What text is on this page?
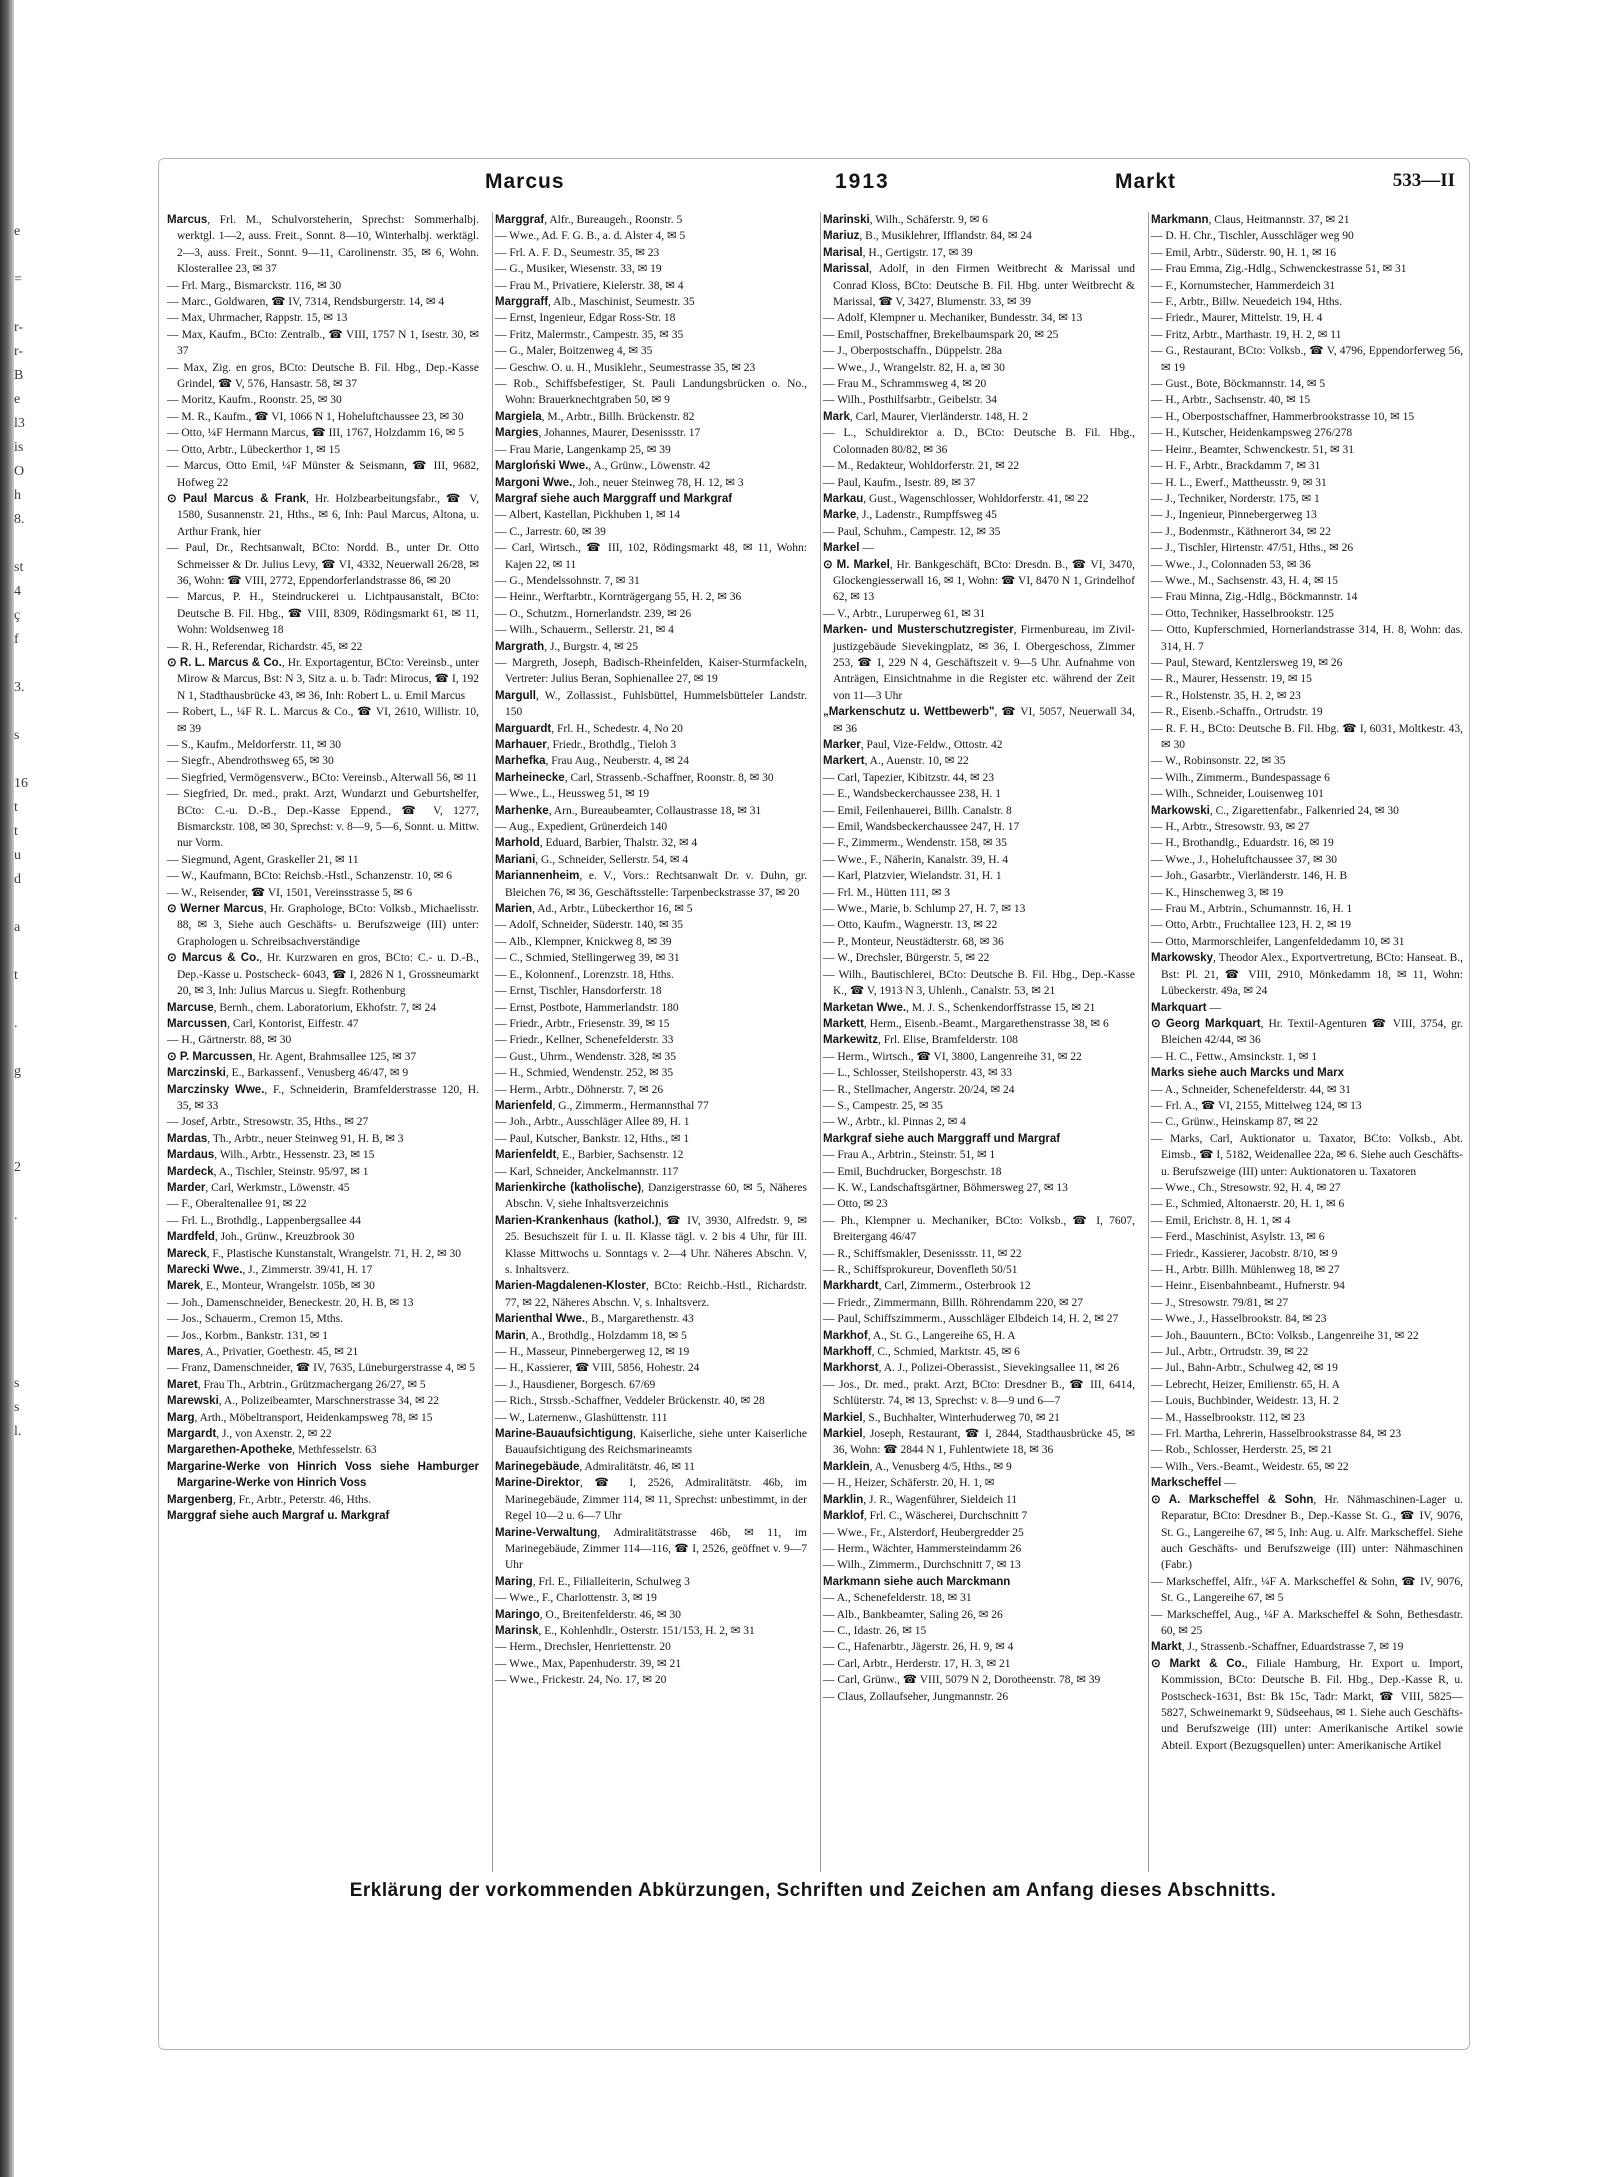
e
=
r-
r-
B
e
l3
is
O
h
8.
st
4
ç
f
3.
s
16
t
t
u
d
a
t
.
g
2
.
s
s
l.
Marcus	1913	Markt	533—II

Marcus, Frl. M., Schulvorsteherin, Sprechst: Sommerhalbj. werktgl. 1—2, auss. Freit., Sonnt. 8—10, Winterhalbj. werktägl. 2—3, auss. Freit., Sonnt. 9—11, Carolinenstr. 35, ✉ 6, Wohn. Klosterallee 23, ✉ 37

— Frl. Marg., Bismarckstr. 116, ✉ 30

— Marc., Goldwaren, ☎ IV, 7314, Rendsburgerstr. 14, ✉ 4

— Max, Uhrmacher, Rappstr. 15, ✉ 13

— Max, Kaufm., BCto: Zentralb., ☎ VIII, 1757 N 1, Isestr. 30, ✉ 37

— Max, Zig. en gros, BCto: Deutsche B. Fil. Hbg., Dep.-Kasse Grindel, ☎ V, 576, Hansastr. 58, ✉ 37

— Moritz, Kaufm., Roonstr. 25, ✉ 30

— M. R., Kaufm., ☎ VI, 1066 N 1, Hoheluftchaussee 23, ✉ 30

— Otto, ¼F Hermann Marcus, ☎ III, 1767, Holzdamm 16, ✉ 5

— Otto, Arbtr., Lübeckerthor 1, ✉ 15

— Marcus, Otto Emil, ¼F Münster & Seismann, ☎ III, 9682, Hofweg 22

⊙ Paul Marcus & Frank, Hr. Holzbearbeitungsfabr., ☎ V, 1580, Susannenstr. 21, Hths., ✉ 6, Inh: Paul Marcus, Altona, u. Arthur Frank, hier

— Paul, Dr., Rechtsanwalt, BCto: Nordd. B., unter Dr. Otto Schmeisser & Dr. Julius Levy, ☎ VI, 4332, Neuerwall 26/28, ✉ 36, Wohn: ☎ VIII, 2772, Eppendorferlandstrasse 86, ✉ 20

— Marcus, P. H., Steindruckerei u. Lichtpausanstalt, BCto: Deutsche B. Fil. Hbg., ☎ VIII, 8309, Rödingsmarkt 61, ✉ 11, Wohn: Woldsenweg 18

— R. H., Referendar, Richardstr. 45, ✉ 22

⊙ R. L. Marcus & Co., Hr. Exportagentur, BCto: Vereinsb., unter Mirow & Marcus, Bst: N 3, Sitz a. u. b. Tadr: Mirocus, ☎ I, 192 N 1, Stadthausbrücke 43, ✉ 36, Inh: Robert L. u. Emil Marcus

— Robert, L., ¼F R. L. Marcus & Co., ☎ VI, 2610, Willistr. 10, ✉ 39

— S., Kaufm., Meldorferstr. 11, ✉ 30

— Siegfr., Abendrothsweg 65, ✉ 30

— Siegfried, Vermögensverw., BCto: Vereinsb., Alterwall 56, ✉ 11

— Siegfried, Dr. med., prakt. Arzt, Wundarzt und Geburtshelfer, BCto: C.-u. D.-B., Dep.-Kasse Eppend., ☎ V, 1277, Bismarckstr. 108, ✉ 30, Sprechst: v. 8—9, 5—6, Sonnt. u. Mittw. nur Vorm.

— Siegmund, Agent, Graskeller 21, ✉ 11

— W., Kaufmann, BCto: Reichsb.-Hstl., Schanzenstr. 10, ✉ 6

— W., Reisender, ☎ VI, 1501, Vereinsstrasse 5, ✉ 6

⊙ Werner Marcus, Hr. Graphologe, BCto: Volksb., Michaelisstr. 88, ✉ 3, Siehe auch Geschäfts- u. Berufszweige (III) unter: Graphologen u. Schreibsachverständige

⊙ Marcus & Co., Hr. Kurzwaren en gros, BCto: C.- u. D.-B., Dep.-Kasse u. Postscheck- 6043, ☎ I, 2826 N 1, Grossneumarkt 20, ✉ 3, Inh: Julius Marcus u. Siegfr. Rothenburg

Marcuse, Bernh., chem. Laboratorium, Ekhofstr. 7, ✉ 24

Marcussen, Carl, Kontorist, Eiffestr. 47

— H., Gärtnerstr. 88, ✉ 30

⊙ P. Marcussen, Hr. Agent, Brahmsallee 125, ✉ 37

Marczinski, E., Barkassenf., Venusberg 46/47, ✉ 9

Marczinsky Wwe., F., Schneiderin, Bramfelderstrasse 120, H. 35, ✉ 33

— Josef, Arbtr., Stresowstr. 35, Hths., ✉ 27

Mardas, Th., Arbtr., neuer Steinweg 91, H. B, ✉ 3

Mardaus, Wilh., Arbtr., Hessenstr. 23, ✉ 15

Mardeck, A., Tischler, Steinstr. 95/97, ✉ 1

Marder, Carl, Werkmstr., Löwenstr. 45

— F., Oberaltenallee 91, ✉ 22

— Frl. L., Brothdlg., Lappenbergsallee 44

Mardfeld, Joh., Grünw., Kreuzbrook 30

Mareck, F., Plastische Kunstanstalt, Wrangelstr. 71, H. 2, ✉ 30

Marecki Wwe., J., Zimmerstr. 39/41, H. 17

Marek, E., Monteur, Wrangelstr. 105b, ✉ 30

— Joh., Damenschneider, Beneckestr. 20, H. B, ✉ 13

— Jos., Schauerm., Cremon 15, Mths.

— Jos., Korbm., Bankstr. 131, ✉ 1

Mares, A., Privatier, Goethestr. 45, ✉ 21

— Franz, Damenschneider, ☎ IV, 7635, Lüneburgerstrasse 4, ✉ 5

Maret, Frau Th., Arbtrin., Grützmachergang 26/27, ✉ 5

Marewski, A., Polizeibeamter, Marschnerstrasse 34, ✉ 22

Marg, Arth., Möbeltransport, Heidenkampsweg 78, ✉ 15

Margardt, J., von Axenstr. 2, ✉ 22

Margarethen-Apotheke, Methfesselstr. 63

Margarine-Werke von Hinrich Voss siehe Hamburger Margarine-Werke von Hinrich Voss

Margenberg, Fr., Arbtr., Peterstr. 46, Hths.

Marggraf siehe auch Margraf u. Markgraf

Marggraf, Alfr., Bureaugeh., Roonstr. 5

— Wwe., Ad. F. G. B., a. d. Alster 4, ✉ 5

— Frl. A. F. D., Seumestr. 35, ✉ 23

— G., Musiker, Wiesenstr. 33, ✉ 19

— Frau M., Privatiere, Kielerstr. 38, ✉ 4

Marggraff, Alb., Maschinist, Seumestr. 35

— Ernst, Ingenieur, Edgar Ross-Str. 18

— Fritz, Malermstr., Campestr. 35, ✉ 35

— G., Maler, Boitzenweg 4, ✉ 35

— Geschw. O. u. H., Musiklehr., Seumestrasse 35, ✉ 23

— Rob., Schiffsbefestiger, St. Pauli Landungsbrücken o. No., Wohn: Brauerknechtgraben 50, ✉ 9

Margiela, M., Arbtr., Billh. Brückenstr. 82

Margies, Johannes, Maurer, Desenissstr. 17

— Frau Marie, Langenkamp 25, ✉ 39

Margloński Wwe., A., Grünw., Löwenstr. 42

Margoni Wwe., Joh., neuer Steinweg 78, H. 12, ✉ 3

Margraf siehe auch Marggraff und Markgraf

— Albert, Kastellan, Pickhuben 1, ✉ 14

— C., Jarrestr. 60, ✉ 39

— Carl, Wirtsch., ☎ III, 102, Rödingsmarkt 48, ✉ 11, Wohn: Kajen 22, ✉ 11

— G., Mendelssohnstr. 7, ✉ 31

— Heinr., Werftarbtr., Kornträgergang 55, H. 2, ✉ 36

— O., Schutzm., Hornerlandstr. 239, ✉ 26

— Wilh., Schauerm., Sellerstr. 21, ✉ 4

Margrath, J., Burgstr. 4, ✉ 25

— Margreth, Joseph, Badisch-Rheinfelden, Kaiser-Sturmfackeln, Vertreter: Julius Beran, Sophienallee 27, ✉ 19

Margull, W., Zollassist., Fuhlsbüttel, Hummelsbütteler Landstr. 150

Marguardt, Frl. H., Schedestr. 4, No 20

Marhauer, Friedr., Brothdlg., Tieloh 3

Marhefka, Frau Aug., Neuberstr. 4, ✉ 24

Marheinecke, Carl, Strassenb.-Schaffner, Roonstr. 8, ✉ 30

— Wwe., L., Heussweg 51, ✉ 19

Marhenke, Arn., Bureaubeamter, Collaustrasse 18, ✉ 31

— Aug., Expedient, Grünerdeich 140

Marhold, Eduard, Barbier, Thalstr. 32, ✉ 4

Mariani, G., Schneider, Sellerstr. 54, ✉ 4

Mariannenheim, e. V., Vors.: Rechtsanwalt Dr. v. Duhn, gr. Bleichen 76, ✉ 36, Geschäftsstelle: Tarpenbeckstrasse 37, ✉ 20

Marien, Ad., Arbtr., Lübeckerthor 16, ✉ 5

— Adolf, Schneider, Süderstr. 140, ✉ 35

— Alb., Klempner, Knickweg 8, ✉ 39

— C., Schmied, Stellingerweg 39, ✉ 31

— E., Kolonnenf., Lorenzstr. 18, Hths.

— Ernst, Tischler, Hansdorferstr. 18

— Ernst, Postbote, Hammerlandstr. 180

— Friedr., Arbtr., Friesenstr. 39, ✉ 15

— Friedr., Kellner, Schenefelderstr. 33

— Gust., Uhrm., Wendenstr. 328, ✉ 35

— H., Schmied, Wendenstr. 252, ✉ 35

— Herm., Arbtr., Döhnerstr. 7, ✉ 26

Marienfeld, G., Zimmerm., Hermannsthal 77

— Joh., Arbtr., Ausschläger Allee 89, H. 1

— Paul, Kutscher, Bankstr. 12, Hths., ✉ 1

Marienfeldt, E., Barbier, Sachsenstr. 12

— Karl, Schneider, Anckelmannstr. 117

Marienkirche (katholische), Danzigerstrasse 60, ✉ 5, Näheres Abschn. V, siehe Inhaltsverzeichnis

Marien-Krankenhaus (kathol.), ☎ IV, 3930, Alfredstr. 9, ✉ 25. Besuchszeit für I. u. II. Klasse tägl. v. 2 bis 4 Uhr, für III. Klasse Mittwochs u. Sonntags v. 2—4 Uhr. Näheres Abschn. V, s. Inhaltsverz.

Marien-Magdalenen-Kloster, BCto: Reichb.-Hstl., Richardstr. 77, ✉ 22, Näheres Abschn. V, s. Inhaltsverz.

Marienthal Wwe., B., Margarethenstr. 43

Marin, A., Brothdlg., Holzdamm 18, ✉ 5

— H., Masseur, Pinnebergerweg 12, ✉ 19

— H., Kassierer, ☎ VIII, 5856, Hohestr. 24

— J., Hausdiener, Borgesch. 67/69

— Rich., Strssb.-Schaffner, Veddeler Brückenstr. 40, ✉ 28

— W., Laternenw., Glashüttenstr. 111

Marine-Bauaufsichtigung, Kaiserliche, siehe unter Kaiserliche Bauaufsichtigung des Reichsmarineamts

Marinegebäude, Admiralitätstr. 46, ✉ 11

Marine-Direktor, ☎ I, 2526, Admiralitätstr. 46b, im Marinegebäude, Zimmer 114, ✉ 11, Sprechst: unbestimmt, in der Regel 10—2 u. 6—7 Uhr

Marine-Verwaltung, Admiralitätstrasse 46b, ✉ 11, im Marinegebäude, Zimmer 114—116, ☎ I, 2526, geöffnet v. 9—7 Uhr

Maring, Frl. E., Filialleiterin, Schulweg 3

— Wwe., F., Charlottenstr. 3, ✉ 19

Maringo, O., Breitenfelderstr. 46, ✉ 30

Marinsk, E., Kohlenhdlr., Osterstr. 151/153, H. 2, ✉ 31

— Herm., Drechsler, Henriettenstr. 20

— Wwe., Max, Papenhuderstr. 39, ✉ 21

— Wwe., Frickestr. 24, No. 17, ✉ 20

Marinski, Wilh., Schäferstr. 9, ✉ 6

Mariuz, B., Musiklehrer, Ifflandstr. 84, ✉ 24

Marisal, H., Gertigstr. 17, ✉ 39

Marissal, Adolf, in den Firmen Weitbrecht & Marissal und Conrad Kloss, BCto: Deutsche B. Fil. Hbg. unter Weitbrecht & Marissal, ☎ V, 3427, Blumenstr. 33, ✉ 39

— Adolf, Klempner u. Mechaniker, Bundesstr. 34, ✉ 13

— Emil, Postschaffner, Brekelbaumspark 20, ✉ 25

— J., Oberpostschaffn., Düppelstr. 28a

— Wwe., J., Wrangelstr. 82, H. a, ✉ 30

— Frau M., Schrammsweg 4, ✉ 20

— Wilh., Posthilfsarbtr., Geibelstr. 34

Mark, Carl, Maurer, Vierländerstr. 148, H. 2

— L., Schuldirektor a. D., BCto: Deutsche B. Fil. Hbg., Colonnaden 80/82, ✉ 36

— M., Redakteur, Wohldorferstr. 21, ✉ 22

— Paul, Kaufm., Isestr. 89, ✉ 37

Markau, Gust., Wagenschlosser, Wohldorferstr. 41, ✉ 22

Marke, J., Ladenstr., Rumpffsweg 45

— Paul, Schuhm., Campestr. 12, ✉ 35

Markel —

⊙ M. Markel, Hr. Bankgeschäft, BCto: Dresdn. B., ☎ VI, 3470, Glockengiesserwall 16, ✉ 1, Wohn: ☎ VI, 8470 N 1, Grindelhof 62, ✉ 13

— V., Arbtr., Luruperweg 61, ✉ 31

Marken- und Musterschutzregister, Firmenbureau, im Zivil-justizgebäude Sievekingplatz, ✉ 36, I. Obergeschoss, Zimmer 253, ☎ I, 229 N 4, Geschäftszeit v. 9—5 Uhr. Aufnahme von Anträgen, Einsichtnahme in die Register etc. während der Zeit von 11—3 Uhr

„Markenschutz u. Wettbewerb", ☎ VI, 5057, Neuerwall 34, ✉ 36

Marker, Paul, Vize-Feldw., Ottostr. 42

Markert, A., Auenstr. 10, ✉ 22

— Carl, Tapezier, Kibitzstr. 44, ✉ 23

— E., Wandsbeckerchaussee 238, H. 1

— Emil, Feilenhauerei, Billh. Canalstr. 8

— Emil, Wandsbeckerchaussee 247, H. 17

— F., Zimmerm., Wendenstr. 158, ✉ 35

— Wwe., F., Näherin, Kanalstr. 39, H. 4

— Karl, Platzvier, Wielandstr. 31, H. 1

— Frl. M., Hütten 111, ✉ 3

— Wwe., Marie, b. Schlump 27, H. 7, ✉ 13

— Otto, Kaufm., Wagnerstr. 13, ✉ 22

— P., Monteur, Neustädterstr. 68, ✉ 36

— W., Drechsler, Bürgerstr. 5, ✉ 22

— Wilh., Bautischlerei, BCto: Deutsche B. Fil. Hbg., Dep.-Kasse K., ☎ V, 1913 N 3, Uhlenh., Canalstr. 53, ✉ 21

Marketan Wwe., M. J. S., Schenkendorffstrasse 15, ✉ 21

Markett, Herm., Eisenb.-Beamt., Margarethenstrasse 38, ✉ 6

Markewitz, Frl. Elise, Bramfelderstr. 108

— Herm., Wirtsch., ☎ VI, 3800, Langenreihe 31, ✉ 22

— L., Schlosser, Steilshoperstr. 43, ✉ 33

— R., Stellmacher, Angerstr. 20/24, ✉ 24

— S., Campestr. 25, ✉ 35

— W., Arbtr., kl. Pinnas 2, ✉ 4

Markgraf siehe auch Marggraff und Margraf

— Frau A., Arbtrin., Steinstr. 51, ✉ 1

— Emil, Buchdrucker, Borgeschstr. 18

— K. W., Landschaftsgärtner, Böhmersweg 27, ✉ 13

— Otto, ✉ 23

— Ph., Klempner u. Mechaniker, BCto: Volksb., ☎ I, 7607, Breitergang 46/47

— R., Schiffsmakler, Desenissstr. 11, ✉ 22

— R., Schiffsprokureur, Dovenfleth 50/51

Markhardt, Carl, Zimmerm., Osterbrook 12

— Friedr., Zimmermann, Billh. Röhrendamm 220, ✉ 27

— Paul, Schiffszimmerm., Ausschläger Elbdeich 14, H. 2, ✉ 27

Markhof, A., St. G., Langereihe 65, H. A

Markhoff, C., Schmied, Marktstr. 45, ✉ 6

Markhorst, A. J., Polizei-Oberassist., Sievekingsallee 11, ✉ 26

— Jos., Dr. med., prakt. Arzt, BCto: Dresdner B., ☎ III, 6414, Schlüterstr. 74, ✉ 13, Sprechst: v. 8—9 und 6—7

Markiel, S., Buchhalter, Winterhuderweg 70, ✉ 21

Markiel, Joseph, Restaurant, ☎ I, 2844, Stadthausbrücke 45, ✉ 36, Wohn: ☎ 2844 N 1, Fuhlentwiete 18, ✉ 36

Marklein, A., Venusberg 4/5, Hths., ✉ 9

— H., Heizer, Schäferstr. 20, H. 1, ✉

Marklin, J. R., Wagenführer, Sieldeich 11

Marklof, Frl. C., Wäscherei, Durchschnitt 7

— Wwe., Fr., Alsterdorf, Heubergredder 25

— Herm., Wächter, Hammersteindamm 26

— Wilh., Zimmerm., Durchschnitt 7, ✉ 13

Markmann siehe auch Marckmann

— A., Schenefelderstr. 18, ✉ 31

— Alb., Bankbeamter, Saling 26, ✉ 26

— C., Idastr. 26, ✉ 15

— C., Hafenarbtr., Jägerstr. 26, H. 9, ✉ 4

— Carl, Arbtr., Herderstr. 17, H. 3, ✉ 21

— Carl, Grünw., ☎ VIII, 5079 N 2, Dorotheenstr. 78, ✉ 39

— Claus, Zollaufseher, Jungmannstr. 26

Markmann, Claus, Heitmannstr. 37, ✉ 21

— D. H. Chr., Tischler, Ausschläger weg 90

— Emil, Arbtr., Süderstr. 90, H. 1, ✉ 16

— Frau Emma, Zig.-Hdlg., Schwenckestrasse 51, ✉ 31

— F., Kornumstecher, Hammerdeich 31

— F., Arbtr., Billw. Neuedeich 194, Hths.

— Friedr., Maurer, Mittelstr. 19, H. 4

— Fritz, Arbtr., Marthastr. 19, H. 2, ✉ 11

— G., Restaurant, BCto: Volksb., ☎ V, 4796, Eppendorferweg 56, ✉ 19

— Gust., Bote, Böckmannstr. 14, ✉ 5

— H., Arbtr., Sachsenstr. 40, ✉ 15

— H., Oberpostschaffner, Hammerbrookstrasse 10, ✉ 15

— H., Kutscher, Heidenkampsweg 276/278

— Heinr., Beamter, Schwenckestr. 51, ✉ 31

— H. F., Arbtr., Brackdamm 7, ✉ 31

— H. L., Ewerf., Mattheusstr. 9, ✉ 31

— J., Techniker, Norderstr. 175, ✉ 1

— J., Ingenieur, Pinnebergerweg 13

— J., Bodenmstr., Käthnerort 34, ✉ 22

— J., Tischler, Hirtenstr. 47/51, Hths., ✉ 26

— Wwe., J., Colonnaden 53, ✉ 36

— Wwe., M., Sachsenstr. 43, H. 4, ✉ 15

— Frau Minna, Zig.-Hdlg., Böckmannstr. 14

— Otto, Techniker, Hasselbrookstr. 125

— Otto, Kupferschmied, Hornerlandstrasse 314, H. 8, Wohn: das. 314, H. 7

— Paul, Steward, Kentzlersweg 19, ✉ 26

— R., Maurer, Hessenstr. 19, ✉ 15

— R., Holstenstr. 35, H. 2, ✉ 23

— R., Eisenb.-Schaffn., Ortrudstr. 19

— R. F. H., BCto: Deutsche B. Fil. Hbg. ☎ I, 6031, Moltkestr. 43, ✉ 30

— W., Robinsonstr. 22, ✉ 35

— Wilh., Zimmerm., Bundespassage 6

— Wilh., Schneider, Louisenweg 101

Markowski, C., Zigarettenfabr., Falkenried 24, ✉ 30

— H., Arbtr., Stresowstr. 93, ✉ 27

— H., Brothandlg., Eduardstr. 16, ✉ 19

— Wwe., J., Hoheluftchaussee 37, ✉ 30

— Joh., Gasarbtr., Vierländerstr. 146, H. B

— K., Hinschenweg 3, ✉ 19

— Frau M., Arbtrin., Schumannstr. 16, H. 1

— Otto, Arbtr., Fruchtallee 123, H. 2, ✉ 19

— Otto, Marmorschleifer, Langenfeldedamm 10, ✉ 31

Markowsky, Theodor Alex., Exportvertretung, BCto: Hanseat. B., Bst: Pl. 21, ☎ VIII, 2910, Mönkedamm 18, ✉ 11, Wohn: Lübeckerstr. 49a, ✉ 24

Markquart —

⊙ Georg Markquart, Hr. Textil-Agenturen ☎ VIII, 3754, gr. Bleichen 42/44, ✉ 36

— H. C., Fettw., Amsinckstr. 1, ✉ 1

Marks siehe auch Marcks und Marx

— A., Schneider, Schenefelderstr. 44, ✉ 31

— Frl. A., ☎ VI, 2155, Mittelweg 124, ✉ 13

— C., Grünw., Heinskamp 87, ✉ 22

— Marks, Carl, Auktionator u. Taxator, BCto: Volksb., Abt. Eimsb., ☎ I, 5182, Weidenallee 22a, ✉ 6. Siehe auch Geschäfts- u. Berufszweige (III) unter: Auktionatoren u. Taxatoren

— Wwe., Ch., Stresowstr. 92, H. 4, ✉ 27

— E., Schmied, Altonaerstr. 20, H. 1, ✉ 6

— Emil, Erichstr. 8, H. 1, ✉ 4

— Ferd., Maschinist, Asylstr. 13, ✉ 6

— Friedr., Kassierer, Jacobstr. 8/10, ✉ 9

— H., Arbtr. Billh. Mühlenweg 18, ✉ 27

— Heinr., Eisenbahnbeamt., Hufnerstr. 94

— J., Stresowstr. 79/81, ✉ 27

— Wwe., J., Hasselbrookstr. 84, ✉ 23

— Joh., Bauuntern., BCto: Volksb., Langenreihe 31, ✉ 22

— Jul., Arbtr., Ortrudstr. 39, ✉ 22

— Jul., Bahn-Arbtr., Schulweg 42, ✉ 19

— Lebrecht, Heizer, Emilienstr. 65, H. A

— Louis, Buchbinder, Weidestr. 13, H. 2

— M., Hasselbrookstr. 112, ✉ 23

— Frl. Martha, Lehrerin, Hasselbrookstrasse 84, ✉ 23

— Rob., Schlosser, Herderstr. 25, ✉ 21

— Wilh., Vers.-Beamt., Weidestr. 65, ✉ 22

Markscheffel —

⊙ A. Markscheffel & Sohn, Hr. Nähmaschinen-Lager u. Reparatur, BCto: Dresdner B., Dep.-Kasse St. G., ☎ IV, 9076, St. G., Langereihe 67, ✉ 5, Inh: Aug. u. Alfr. Markscheffel. Siehe auch Geschäfts- und Berufszweige (III) unter: Nähmaschinen (Fabr.)

— Markscheffel, Alfr., ¼F A. Markscheffel & Sohn, ☎ IV, 9076, St. G., Langereihe 67, ✉ 5

— Markscheffel, Aug., ¼F A. Markscheffel & Sohn, Bethesdastr. 60, ✉ 25

Markt, J., Strassenb.-Schaffner, Eduardstrasse 7, ✉ 19

⊙ Markt & Co., Filiale Hamburg, Hr. Export u. Import, Kommission, BCto: Deutsche B. Fil. Hbg., Dep.-Kasse R, u. Postscheck-1631, Bst: Bk 15c, Tadr: Markt, ☎ VIII, 5825—5827, Schweinemarkt 9, Südseehaus, ✉ 1. Siehe auch Geschäfts- und Berufszweige (III) unter: Amerikanische Artikel sowie Abteil. Export (Bezugsquellen) unter: Amerikanische Artikel

Erklärung der vorkommenden Abkürzungen, Schriften und Zeichen am Anfang dieses Abschnitts.
